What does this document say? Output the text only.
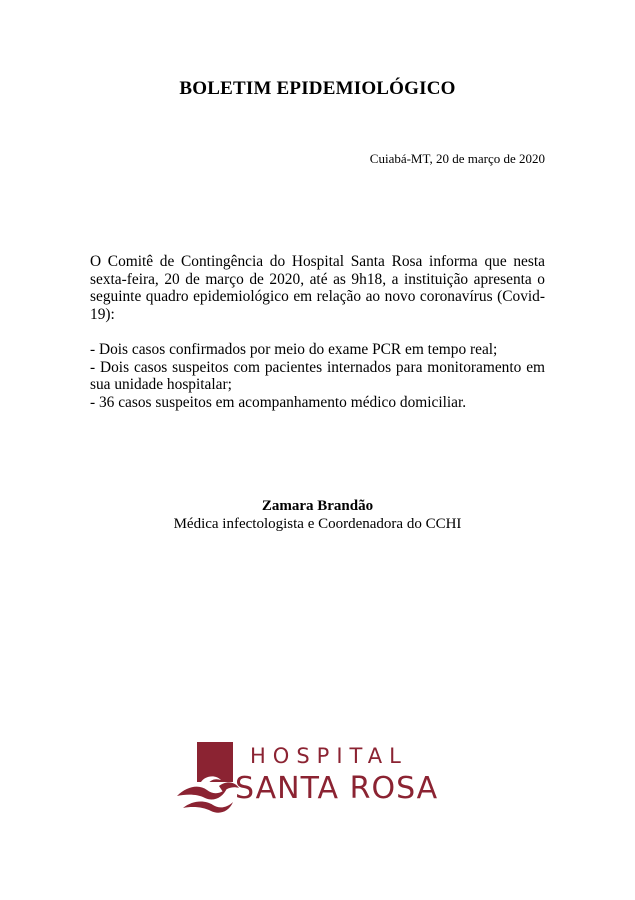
BOLETIM EPIDEMIOLÓGICO
Cuiabá-MT, 20 de março de 2020

O Comitê de Contingência do Hospital Santa Rosa informa que nesta sexta-feira, 20 de março de 2020, até as 9h18, a instituição apresenta o seguinte quadro epidemiológico em relação ao novo coronavírus (Covid-19):

- Dois casos confirmados por meio do exame PCR em tempo real;

- Dois casos suspeitos com pacientes internados para monitoramento em sua unidade hospitalar;

- 36 casos suspeitos em acompanhamento médico domiciliar.

Zamara Brandão
Médica infectologista e Coordenadora do CCHI
HOSPITAL
SANTA ROSA
